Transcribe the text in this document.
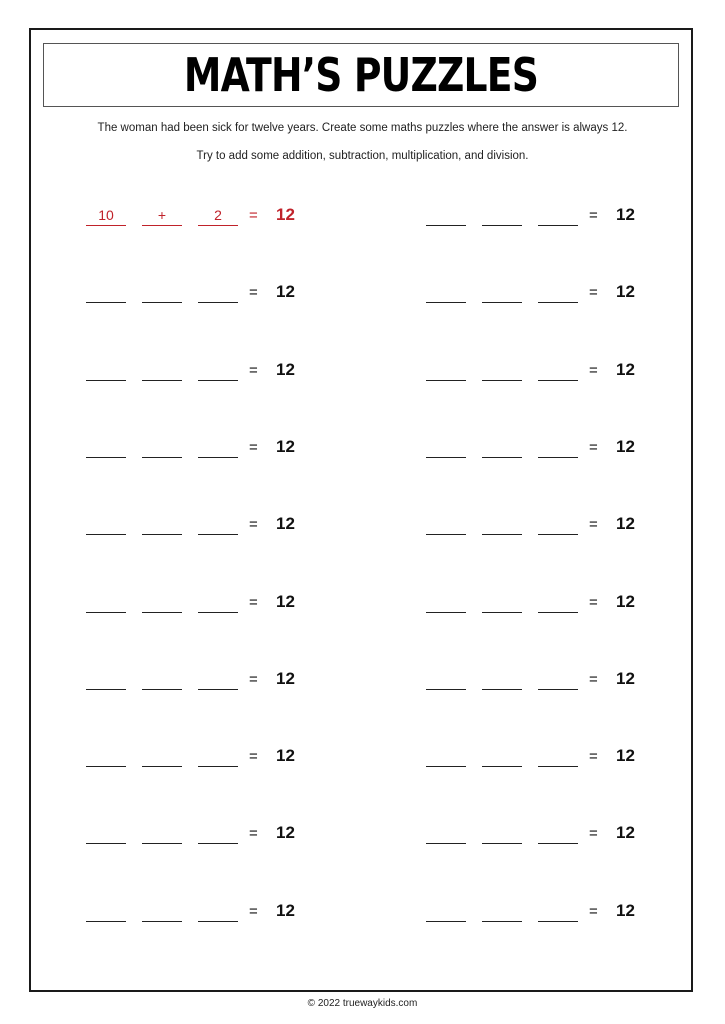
MATH’S PUZZLES
The woman had been sick for twelve years. Create some maths puzzles where the answer is always 12.
Try to add some addition, subtraction, multiplication, and division.
10	+	2	= 12	= 12
= 12	= 12
= 12	= 12
= 12	= 12
= 12	= 12
= 12	= 12
= 12	= 12
= 12	= 12
= 12	= 12
= 12	= 12
© 2022 truewaykids.com
